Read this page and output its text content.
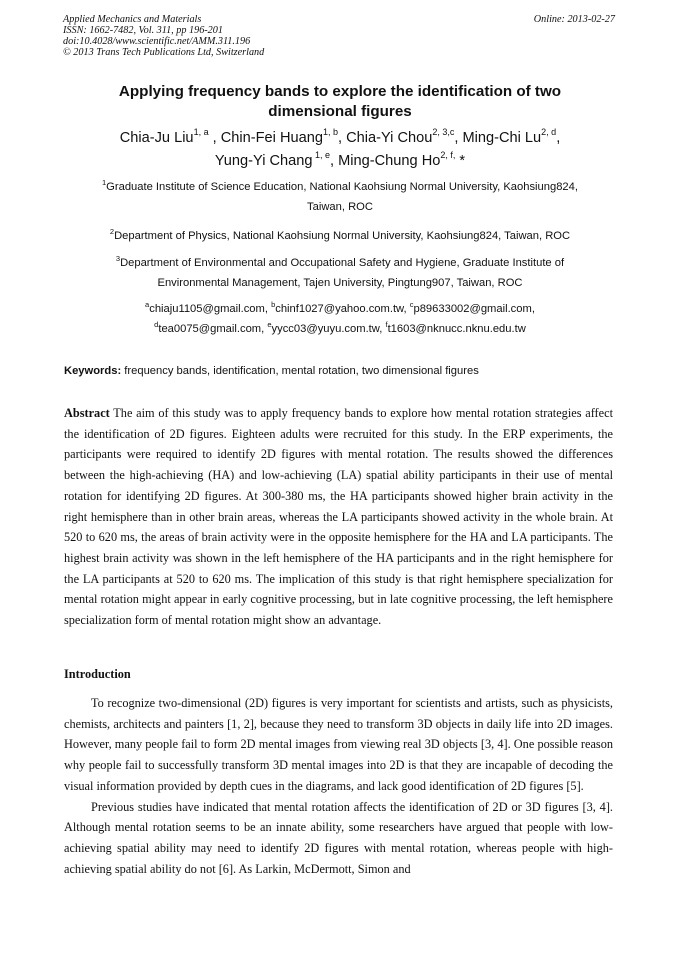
Applied Mechanics and Materials
ISSN: 1662-7482, Vol. 311, pp 196-201
doi:10.4028/www.scientific.net/AMM.311.196
© 2013 Trans Tech Publications Ltd, Switzerland
Online: 2013-02-27
Applying frequency bands to explore the identification of two
dimensional figures
Chia-Ju Liu$^{1, a}$ , Chin-Fei Huang$^{1, b}$, Chia-Yi Chou$^{2, 3,c}$, Ming-Chi Lu$^{2, d}$,
Yung-Yi Chang $^{1, e}$, Ming-Chung $Ho^{2, f,}$ *
$^1$Graduate Institute of Science Education, National Kaohsiung Normal University, Kaohsiung824,
Taiwan, ROC
$^2$Department of Physics, National Kaohsiung Normal University, Kaohsiung824, Taiwan, ROC
$^3$Department of Environmental and Occupational Safety and Hygiene, Graduate Institute of
Environmental Management, Tajen University, Pingtung907, Taiwan, ROC
$^a$chiaju1105@gmail.com, $^b$chinf1027@yahoo.com.tw, $^c$p89633002@gmail.com,
$^d$tea0075@gmail.com, $^e$yycc03@yuyu.com.tw, $^f$t1603@nknucc.nknu.edu.tw
Keywords: frequency bands, identification, mental rotation, two dimensional figures

Abstract The aim of this study was to apply frequency bands to explore how mental rotation strategies affect the identification of 2D figures. Eighteen adults were recruited for this study. In the ERP experiments, the participants were required to identify 2D figures with mental rotation. The results showed the differences between the high-achieving (HA) and low-achieving (LA) spatial ability participants in their use of mental rotation for identifying 2D figures. At 300-380 ms, the HA participants showed higher brain activity in the right hemisphere than in other brain areas, whereas the LA participants showed activity in the whole brain. At 520 to 620 ms, the areas of brain activity were in the opposite hemisphere for the HA and LA participants. The highest brain activity was shown in the left hemisphere of the HA participants and in the right hemisphere for the LA participants at 520 to 620 ms. The implication of this study is that right hemisphere specialization for mental rotation might appear in early cognitive processing, but in late cognitive processing, the left hemisphere specialization form of mental rotation might show an advantage.

Introduction

To recognize two-dimensional (2D) figures is very important for scientists and artists, such as physicists, chemists, architects and painters [1, 2], because they need to transform 3D objects in daily life into 2D images. However, many people fail to form 2D mental images from viewing real 3D objects [3, 4]. One possible reason why people fail to successfully transform 3D mental images into 2D is that they are incapable of decoding the visual information provided by depth cues in the diagrams, and lack good identification of 2D figures [5].

Previous studies have indicated that mental rotation affects the identification of 2D or 3D figures [3, 4]. Although mental rotation seems to be an innate ability, some researchers have argued that people with low-achieving spatial ability may need to identify 2D figures with mental rotation, whereas people with high-achieving spatial ability do not [6]. As Larkin, McDermott, Simon and
